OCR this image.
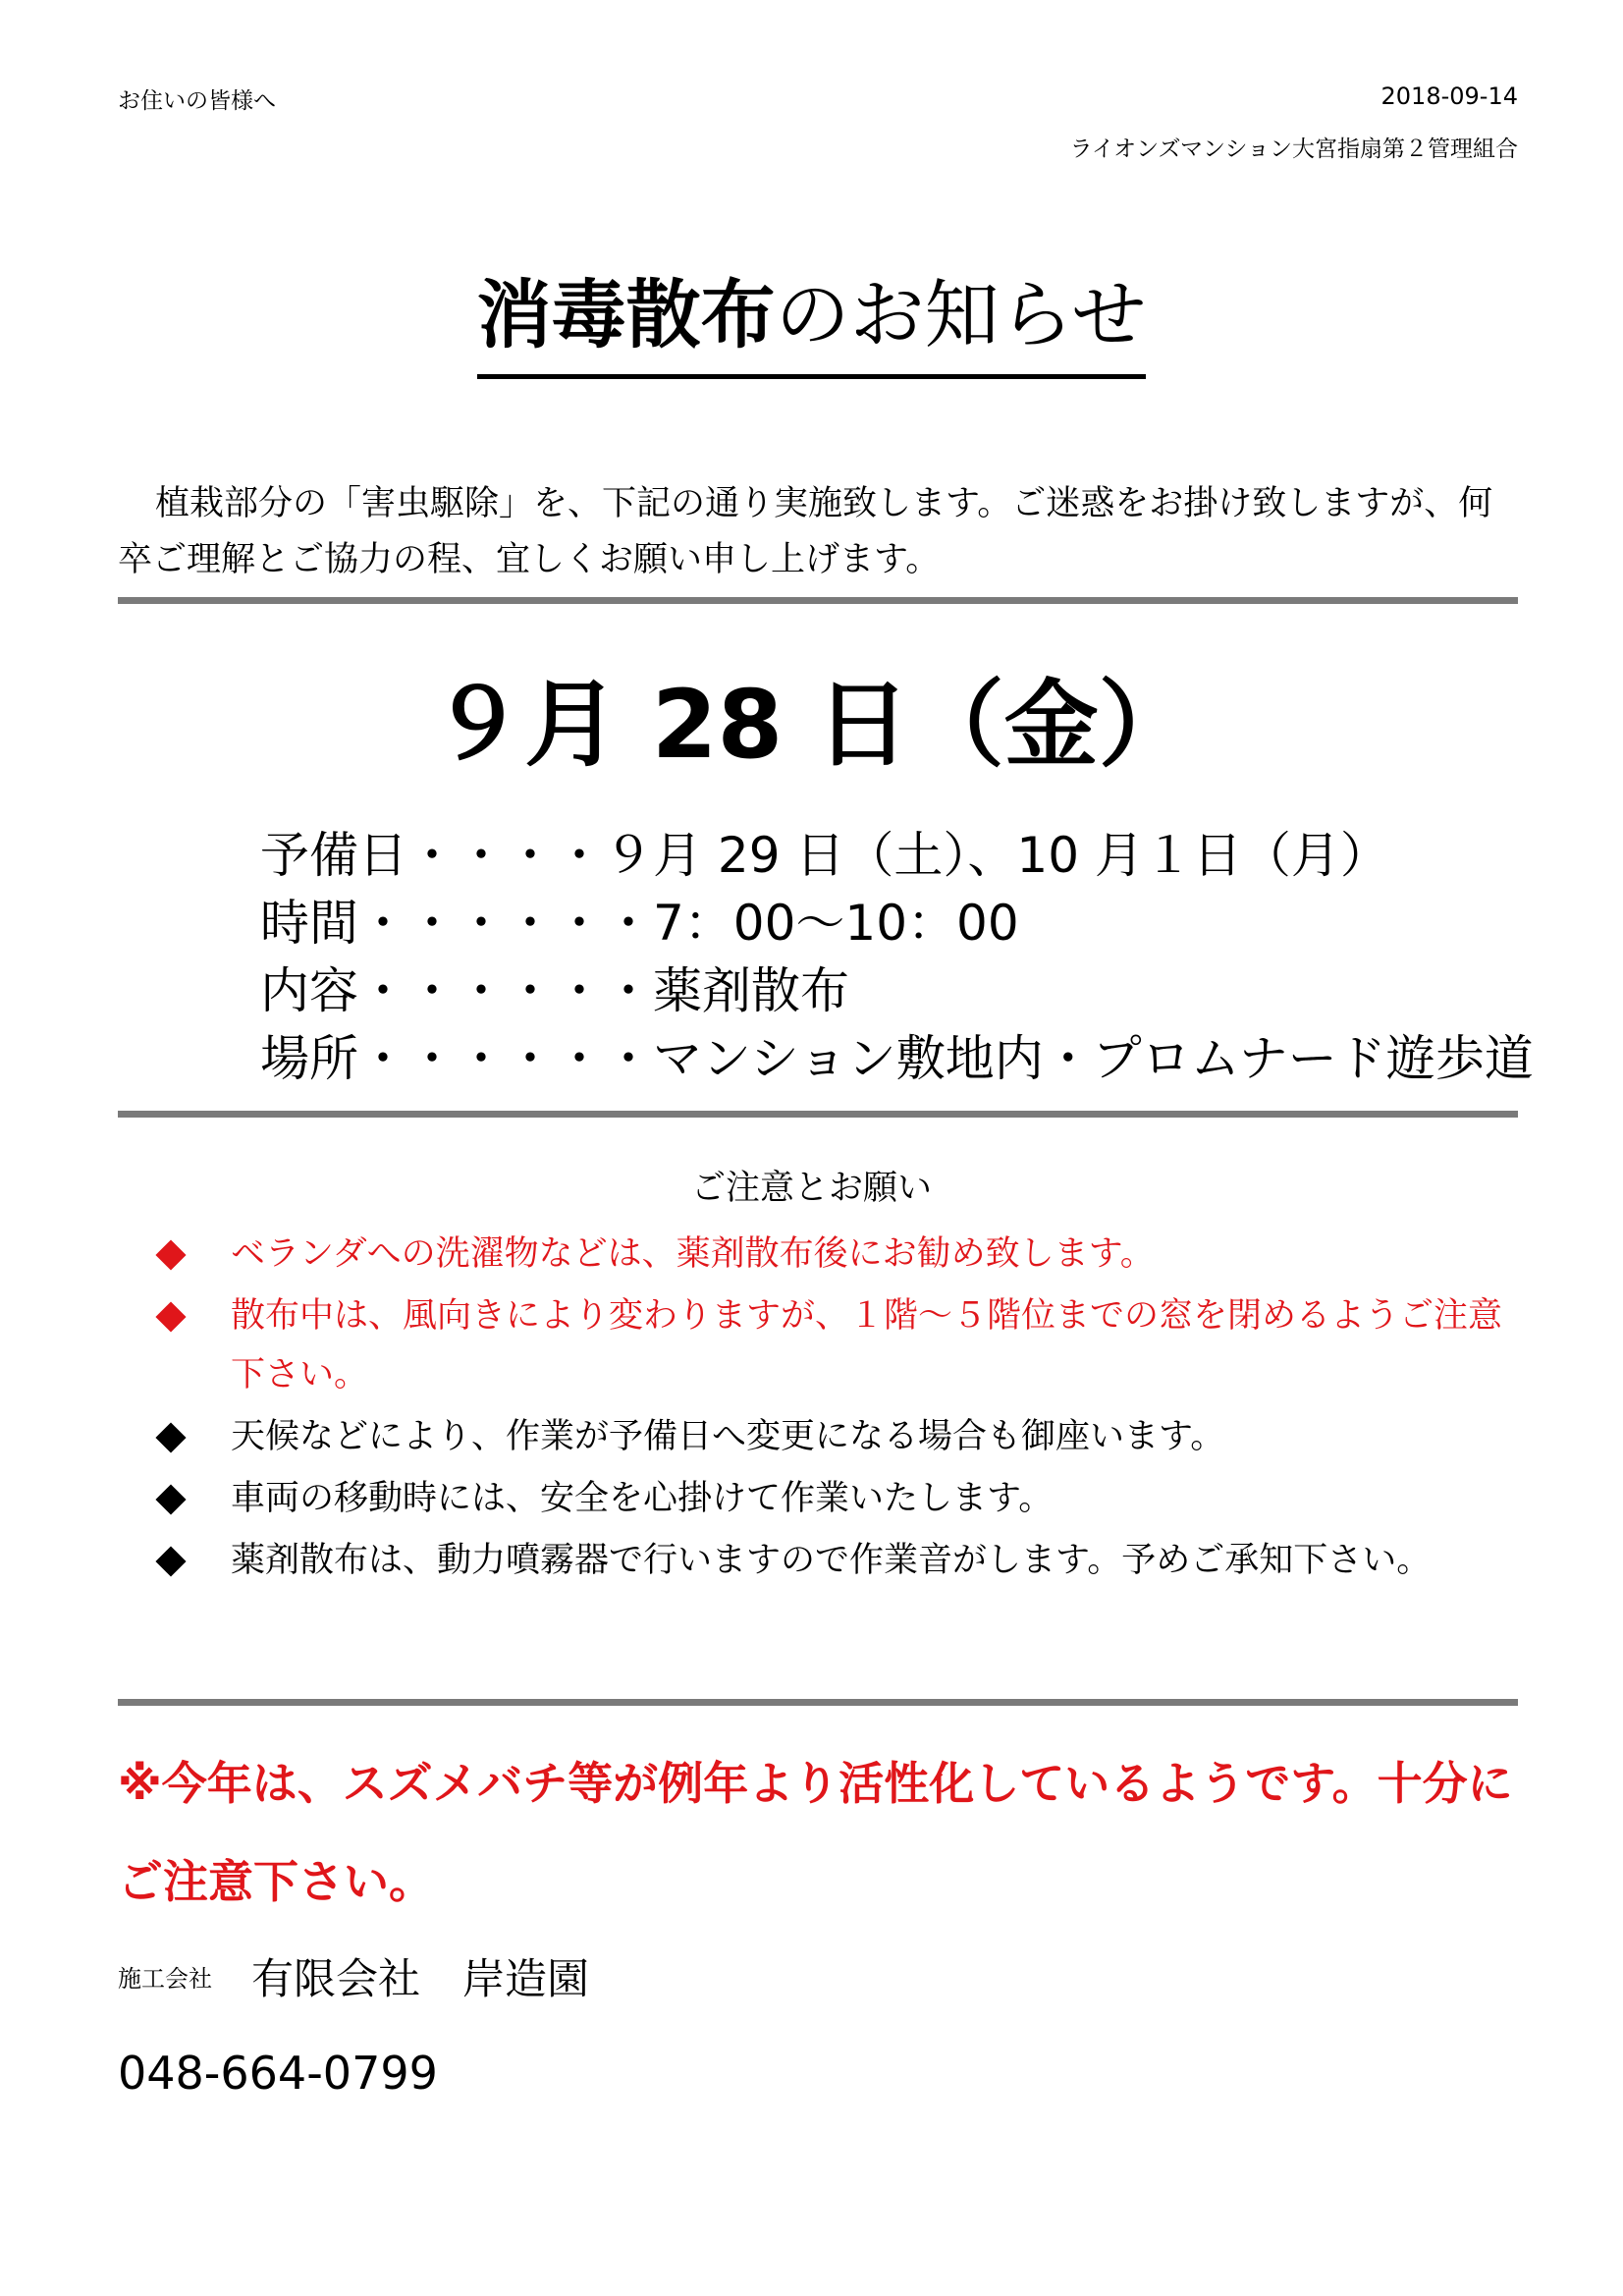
お住いの皆様へ	2018-09-14
ライオンズマンション大宮指扇第２管理組合
消毒散布のお知らせ
植栽部分の「害虫駆除」を、下記の通り実施致します。ご迷惑をお掛け致しますが、何卒ご理解とご協力の程、宜しくお願い申し上げます。
９月 28 日（金）
予備日・・・・９月 29 日（土）、10 月１日（月）
時間・・・・・・7：00～10：00
内容・・・・・・薬剤散布
場所・・・・・・マンション敷地内・プロムナード遊歩道
ご注意とお願い
ベランダへの洗濯物などは、薬剤散布後にお勧め致します。
散布中は、風向きにより変わりますが、１階～５階位までの窓を閉めるようご注意下さい。
天候などにより、作業が予備日へ変更になる場合も御座います。
車両の移動時には、安全を心掛けて作業いたします。
薬剤散布は、動力噴霧器で行いますので作業音がします。予めご承知下さい。
※今年は、スズメバチ等が例年より活性化しているようです。十分にご注意下さい。
施工会社 有限会社　岸造園
048-664-0799
